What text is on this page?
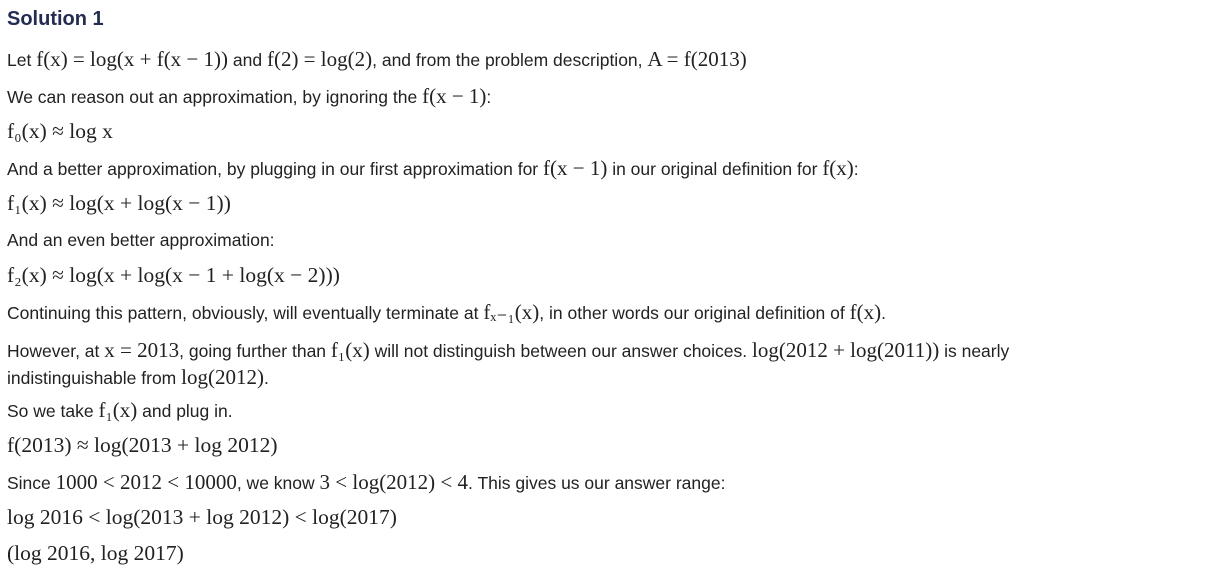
Solution 1
Let f(x) = log(x + f(x − 1)) and f(2) = log(2), and from the problem description, A = f(2013)
We can reason out an approximation, by ignoring the f(x − 1):
f₀(x) ≈ log x
And a better approximation, by plugging in our first approximation for f(x − 1) in our original definition for f(x):
f₁(x) ≈ log(x + log(x − 1))
And an even better approximation:
f₂(x) ≈ log(x + log(x − 1 + log(x − 2)))
Continuing this pattern, obviously, will eventually terminate at fₓ₋₁(x), in other words our original definition of f(x).
However, at x = 2013, going further than f₁(x) will not distinguish between our answer choices. log(2012 + log(2011)) is nearly indistinguishable from log(2012).
So we take f₁(x) and plug in.
f(2013) ≈ log(2013 + log 2012)
Since 1000 < 2012 < 10000, we know 3 < log(2012) < 4. This gives us our answer range:
log 2016 < log(2013 + log 2012) < log(2017)
(log 2016, log 2017)
